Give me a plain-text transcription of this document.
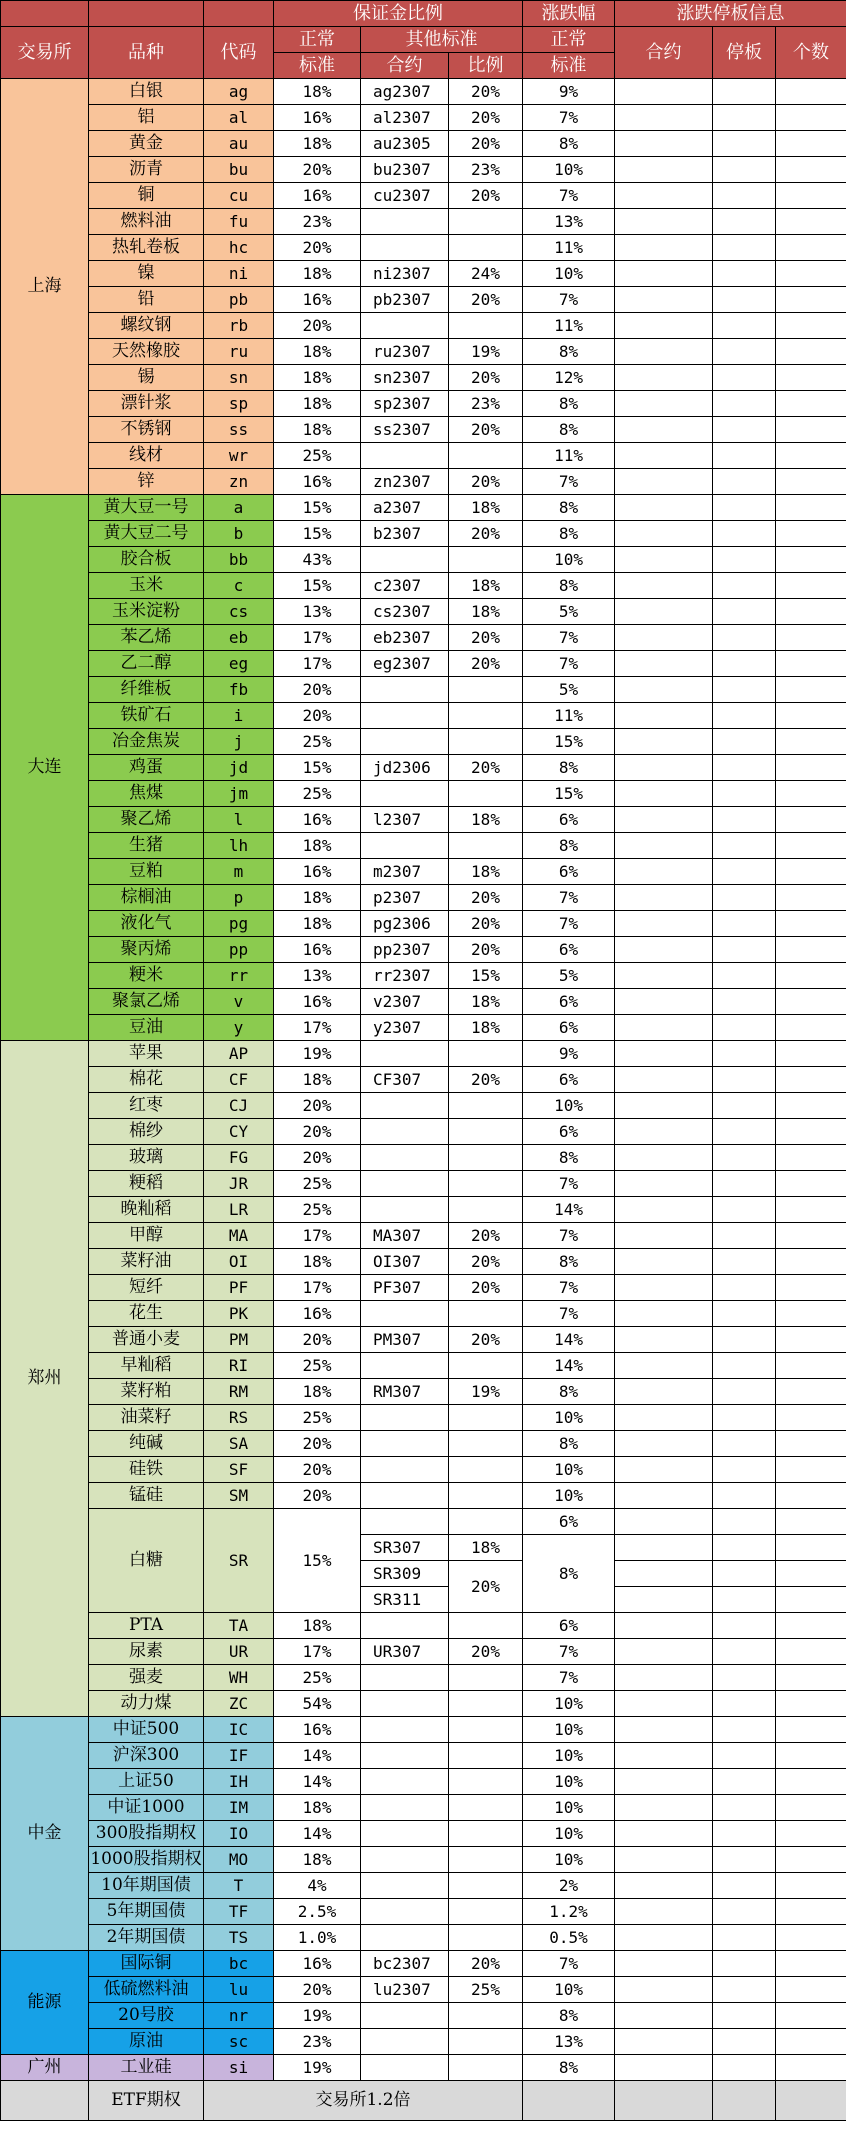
			保证金比例			涨跌幅	涨跌停板信息		
交易所	品种	代码	正常	其他标准		正常	合约	停板	个数
			标准	合约	比例	标准			
上海	白银	ag	18%	ag2307	20%	9%			
	铝	al	16%	al2307	20%	7%			
	黄金	au	18%	au2305	20%	8%			
	沥青	bu	20%	bu2307	23%	10%			
	铜	cu	16%	cu2307	20%	7%			
	燃料油	fu	23%			13%			
	热轧卷板	hc	20%			11%			
	镍	ni	18%	ni2307	24%	10%			
	铅	pb	16%	pb2307	20%	7%			
	螺纹钢	rb	20%			11%			
	天然橡胶	ru	18%	ru2307	19%	8%			
	锡	sn	18%	sn2307	20%	12%			
	漂针浆	sp	18%	sp2307	23%	8%			
	不锈钢	ss	18%	ss2307	20%	8%			
	线材	wr	25%			11%			
	锌	zn	16%	zn2307	20%	7%			
大连	黄大豆一号	a	15%	a2307	18%	8%			
	黄大豆二号	b	15%	b2307	20%	8%			
	胶合板	bb	43%			10%			
	玉米	c	15%	c2307	18%	8%			
	玉米淀粉	cs	13%	cs2307	18%	5%			
	苯乙烯	eb	17%	eb2307	20%	7%			
	乙二醇	eg	17%	eg2307	20%	7%			
	纤维板	fb	20%			5%			
	铁矿石	i	20%			11%			
	冶金焦炭	j	25%			15%			
	鸡蛋	jd	15%	jd2306	20%	8%			
	焦煤	jm	25%			15%			
	聚乙烯	l	16%	l2307	18%	6%			
	生猪	lh	18%			8%			
	豆粕	m	16%	m2307	18%	6%			
	棕榈油	p	18%	p2307	20%	7%			
	液化气	pg	18%	pg2306	20%	7%			
	聚丙烯	pp	16%	pp2307	20%	6%			
	粳米	rr	13%	rr2307	15%	5%			
	聚氯乙烯	v	16%	v2307	18%	6%			
	豆油	y	17%	y2307	18%	6%			
郑州	苹果	AP	19%			9%			
	棉花	CF	18%	CF307	20%	6%			
	红枣	CJ	20%			10%			
	棉纱	CY	20%			6%			
	玻璃	FG	20%			8%			
	粳稻	JR	25%			7%			
	晚籼稻	LR	25%			14%			
	甲醇	MA	17%	MA307	20%	7%			
	菜籽油	OI	18%	OI307	20%	8%			
	短纤	PF	17%	PF307	20%	7%			
	花生	PK	16%			7%			
	普通小麦	PM	20%	PM307	20%	14%			
	早籼稻	RI	25%			14%			
	菜籽粕	RM	18%	RM307	19%	8%			
	油菜籽	RS	25%			10%			
	纯碱	SA	20%			8%			
	硅铁	SF	20%			10%			
	锰硅	SM	20%			10%			
	白糖	SR	15%			6%			
				SR307	18%	8%			
				SR309	20%				
				SR311					
	PTA	TA	18%			6%			
	尿素	UR	17%	UR307	20%	7%			
	强麦	WH	25%			7%			
	动力煤	ZC	54%			10%			
中金	中证500	IC	16%			10%			
	沪深300	IF	14%			10%			
	上证50	IH	14%			10%			
	中证1000	IM	18%			10%			
	300股指期权	IO	14%			10%			
	1000股指期权	MO	18%			10%			
	10年期国债	T	4%			2%			
	5年期国债	TF	2.5%			1.2%			
	2年期国债	TS	1.0%			0.5%			
能源	国际铜	bc	16%	bc2307	20%	7%			
	低硫燃料油	lu	20%	lu2307	25%	10%			
	20号胶	nr	19%			8%			
	原油	sc	23%			13%			
广州	工业硅	si	19%			8%			
	ETF期权	交易所1.2倍							
